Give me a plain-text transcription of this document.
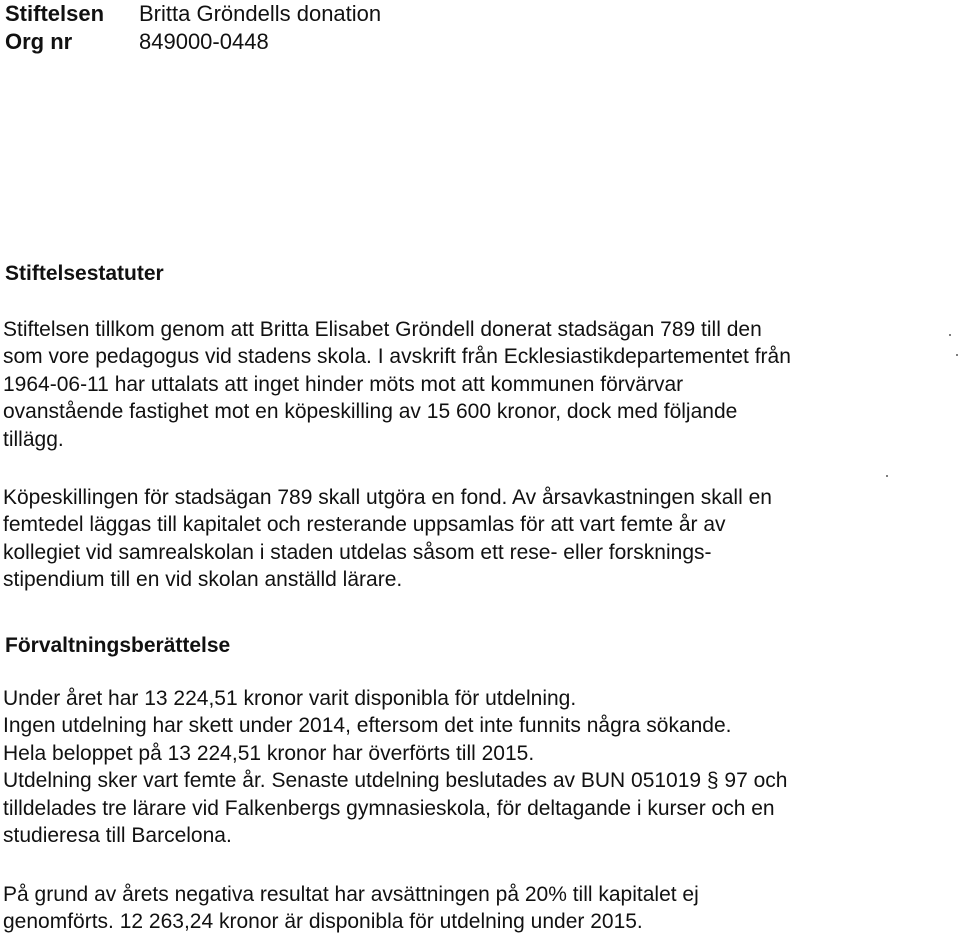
Stiftelsen Britta Gröndells donation
Org nr	849000-0448
Stiftelsestatuter
Stiftelsen tillkom genom att Britta Elisabet Gröndell donerat stadsägan 789 till den
som vore pedagogus vid stadens skola. I avskrift från Ecklesiastikdepartementet från
1964-06-11 har uttalats att inget hinder möts mot att kommunen förvärvar
ovanstående fastighet mot en köpeskilling av 15 600 kronor, dock med följande
tillägg.
Köpeskillingen för stadsägan 789 skall utgöra en fond. Av årsavkastningen skall en
femtedel läggas till kapitalet och resterande uppsamlas för att vart femte år av
kollegiet vid samrealskolan i staden utdelas såsom ett rese- eller forsknings-
stipendium till en vid skolan anställd lärare.
Förvaltningsberättelse
Under året har 13 224,51 kronor varit disponibla för utdelning.
Ingen utdelning har skett under 2014, eftersom det inte funnits några sökande.
Hela beloppet på 13 224,51 kronor har överförts till 2015.
Utdelning sker vart femte år. Senaste utdelning beslutades av BUN 051019 § 97 och
tilldelades tre lärare vid Falkenbergs gymnasieskola, för deltagande i kurser och en
studieresa till Barcelona.
På grund av årets negativa resultat har avsättningen på 20% till kapitalet ej
genomförts. 12 263,24 kronor är disponibla för utdelning under 2015.
